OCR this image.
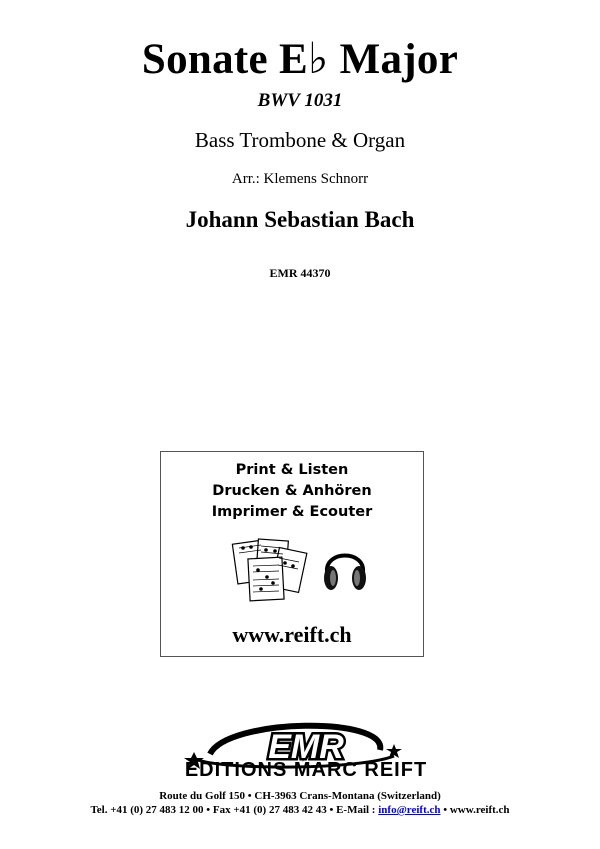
Sonate E♭ Major
BWV 1031
Bass Trombone & Organ
Arr.: Klemens Schnorr
Johann Sebastian Bach
EMR 44370
Print & Listen
Drucken & Anhören
Imprimer & Ecouter
www.reift.ch
EMR
EDITIONS MARC REIFT
Route du Golf 150 • CH-3963 Crans-Montana (Switzerland)
Tel. +41 (0) 27 483 12 00 • Fax +41 (0) 27 483 42 43 • E-Mail : info@reift.ch • www.reift.ch
